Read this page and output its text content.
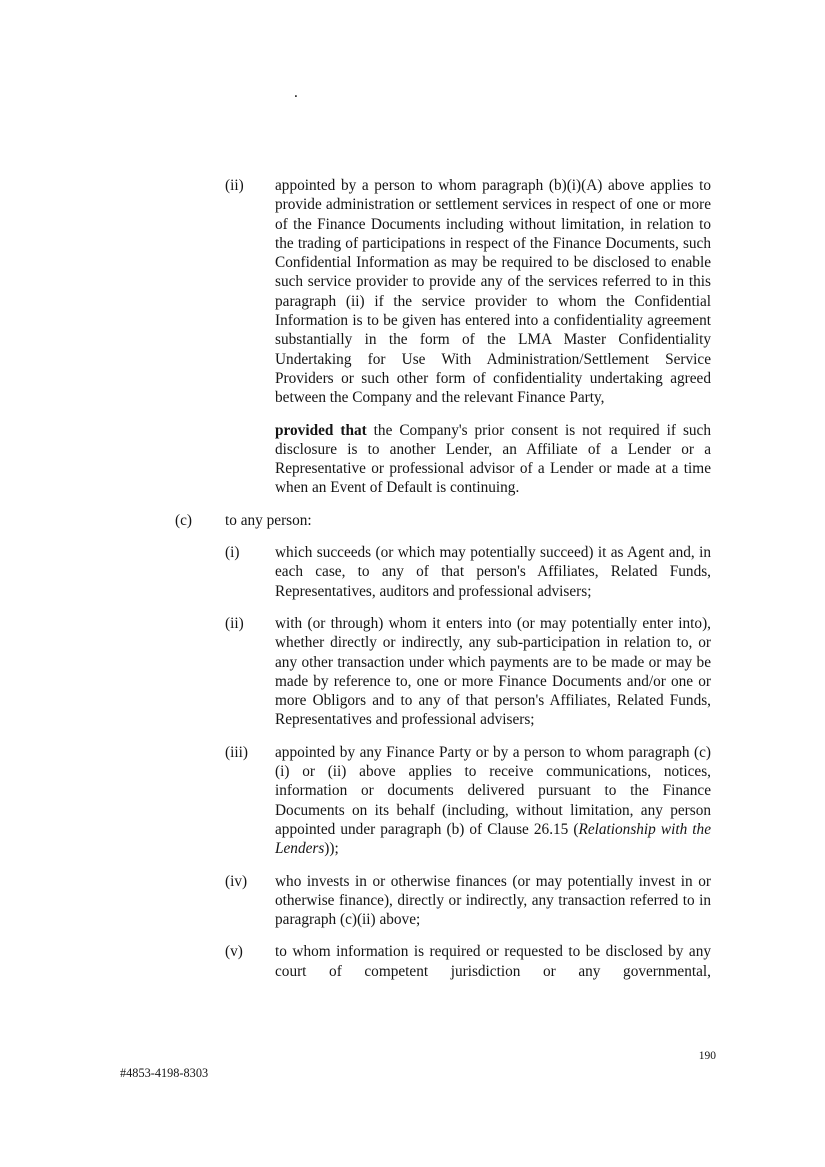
.
(ii)	appointed by a person to whom paragraph (b)(i)(A) above applies to provide administration or settlement services in respect of one or more of the Finance Documents including without limitation, in relation to the trading of participations in respect of the Finance Documents, such Confidential Information as may be required to be disclosed to enable such service provider to provide any of the services referred to in this paragraph (ii) if the service provider to whom the Confidential Information is to be given has entered into a confidentiality agreement substantially in the form of the LMA Master Confidentiality Undertaking for Use With Administration/Settlement Service Providers or such other form of confidentiality undertaking agreed between the Company and the relevant Finance Party,
provided that the Company's prior consent is not required if such disclosure is to another Lender, an Affiliate of a Lender or a Representative or professional advisor of a Lender or made at a time when an Event of Default is continuing.
(c)	to any person:
(i)	which succeeds (or which may potentially succeed) it as Agent and, in each case, to any of that person's Affiliates, Related Funds, Representatives, auditors and professional advisers;
(ii)	with (or through) whom it enters into (or may potentially enter into), whether directly or indirectly, any sub-participation in relation to, or any other transaction under which payments are to be made or may be made by reference to, one or more Finance Documents and/or one or more Obligors and to any of that person's Affiliates, Related Funds, Representatives and professional advisers;
(iii)	appointed by any Finance Party or by a person to whom paragraph (c)(i) or (ii) above applies to receive communications, notices, information or documents delivered pursuant to the Finance Documents on its behalf (including, without limitation, any person appointed under paragraph (b) of Clause 26.15 (Relationship with the Lenders));
(iv)	who invests in or otherwise finances (or may potentially invest in or otherwise finance), directly or indirectly, any transaction referred to in paragraph (c)(ii) above;
(v)	to whom information is required or requested to be disclosed by any court of competent jurisdiction or any governmental,
190
#4853-4198-8303
